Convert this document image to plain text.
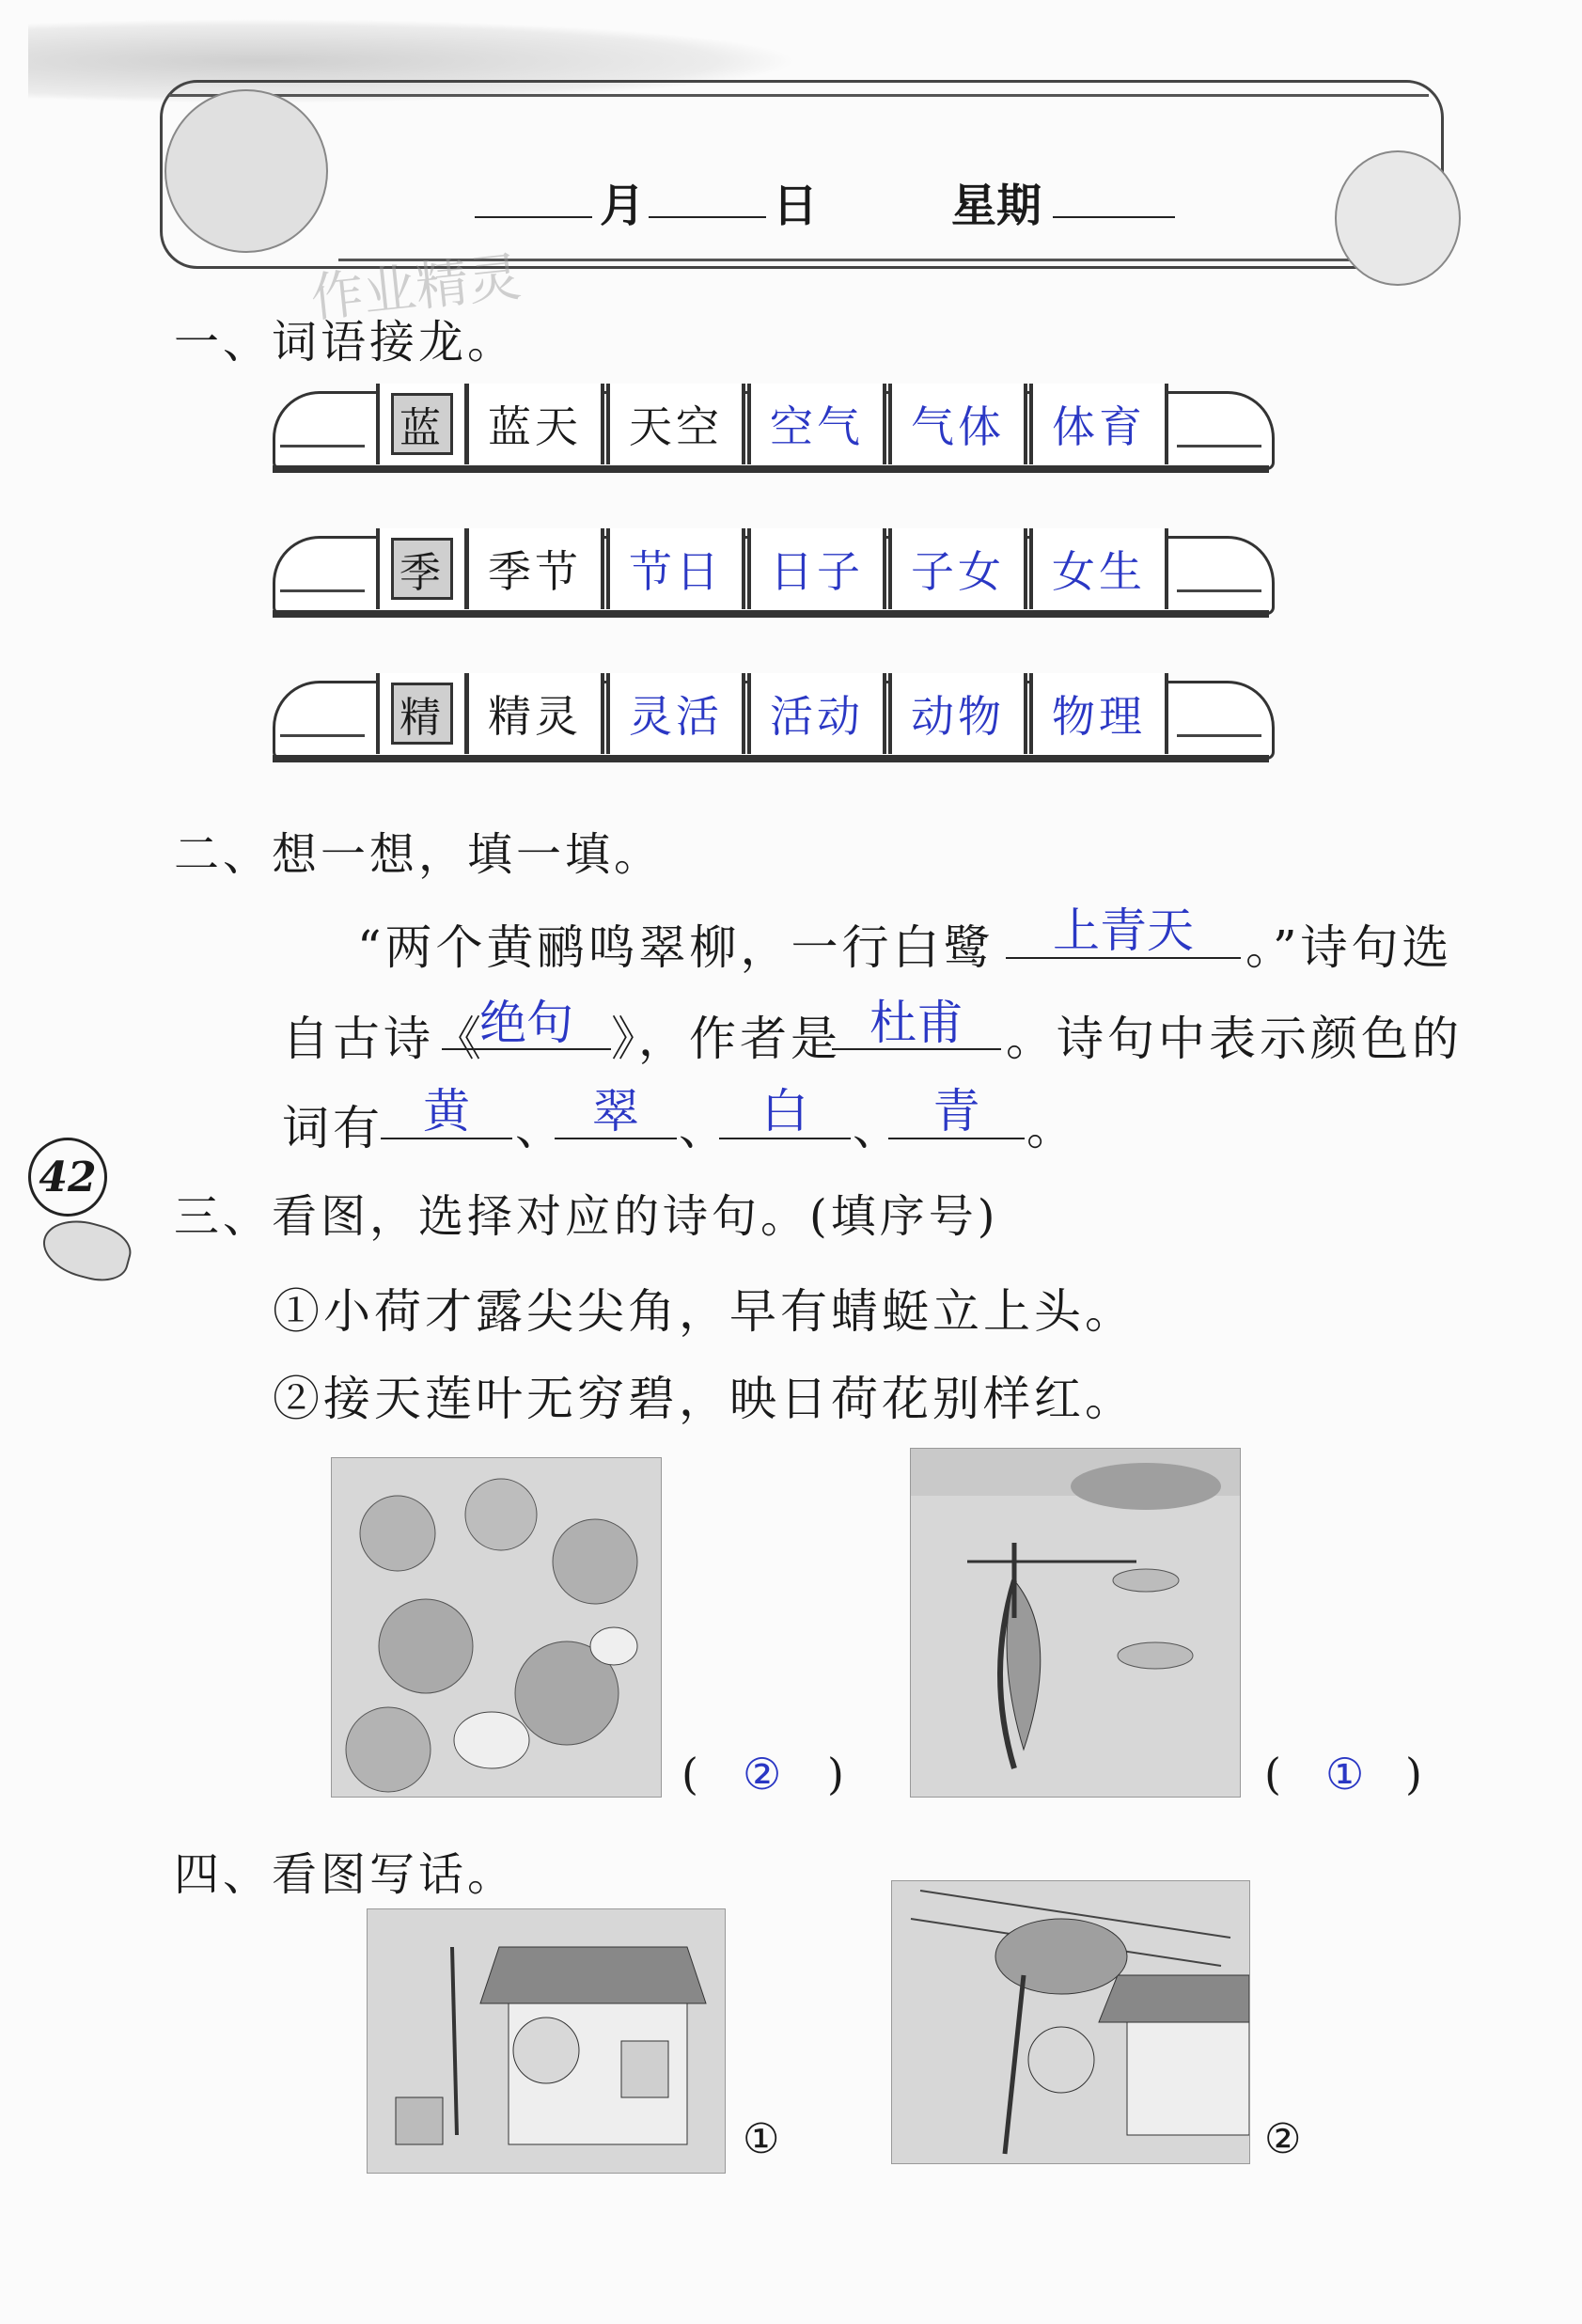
月	日	星期
作业精灵
一、词语接龙。
蓝 蓝天 天空 空气 气体 体育
季 季节 节日 日子 子女 女生
精 精灵 灵活 活动 动物 物理
二、想一想，填一填。
“两个黄鹂鸣翠柳，一行白鹭	上青天	。”诗句选
自古诗《
绝句 》，作者是 杜甫 。诗句中表示颜色的
词有 黄 、 翠 、 白 、 青 。
42
三、看图，选择对应的诗句。(填序号)
①小荷才露尖尖角，早有蜻蜓立上头。
②接天莲叶无穷碧，映日荷花别样红。
( ② )	( ① )
四、看图写话。
①	②
